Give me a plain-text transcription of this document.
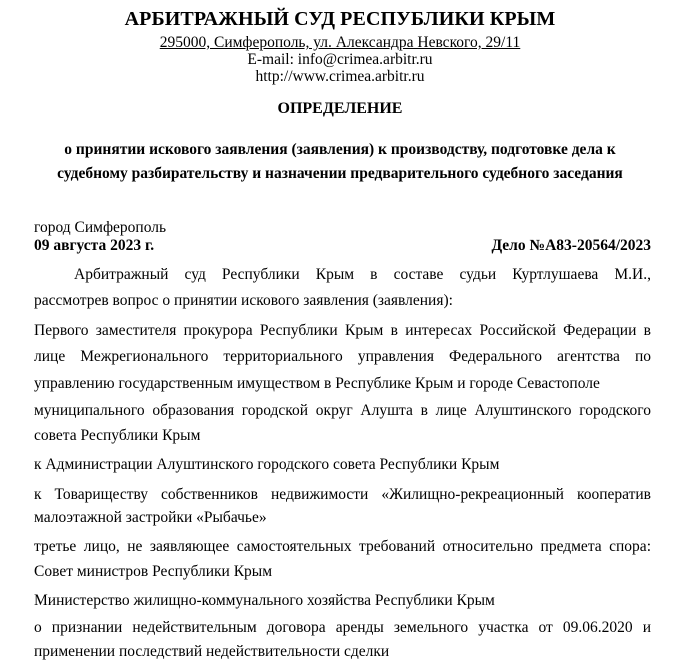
АРБИТРАЖНЫЙ СУД РЕСПУБЛИКИ КРЫМ
295000, Симферополь, ул. Александра Невского, 29/11
E-mail: info@crimea.arbitr.ru
http://www.crimea.arbitr.ru
ОПРЕДЕЛЕНИЕ
о принятии искового заявления (заявления) к производству, подготовке дела к
судебному разбирательству и назначении предварительного судебного заседания
город Симферополь
09 августа 2023 г.	Дело №А83-20564/2023
Арбитражный суд Республики Крым в составе судьи Куртлушаева М.И.,
рассмотрев вопрос о принятии искового заявления (заявления):
Первого заместителя прокурора Республики Крым в интересах Российской Федерации в
лице Межрегионального территориального управления Федерального агентства по
управлению государственным имуществом в Республике Крым и городе Севастополе
муниципального образования городской округ Алушта в лице Алуштинского городского
совета Республики Крым
к Администрации Алуштинского городского совета Республики Крым
к Товариществу собственников недвижимости «Жилищно-рекреационный кооператив
малоэтажной застройки «Рыбачье»
третье лицо, не заявляющее самостоятельных требований относительно предмета спора:
Совет министров Республики Крым
Министерство жилищно-коммунального хозяйства Республики Крым
о признании недействительным договора аренды земельного участка от 09.06.2020 и
применении последствий недействительности сделки
